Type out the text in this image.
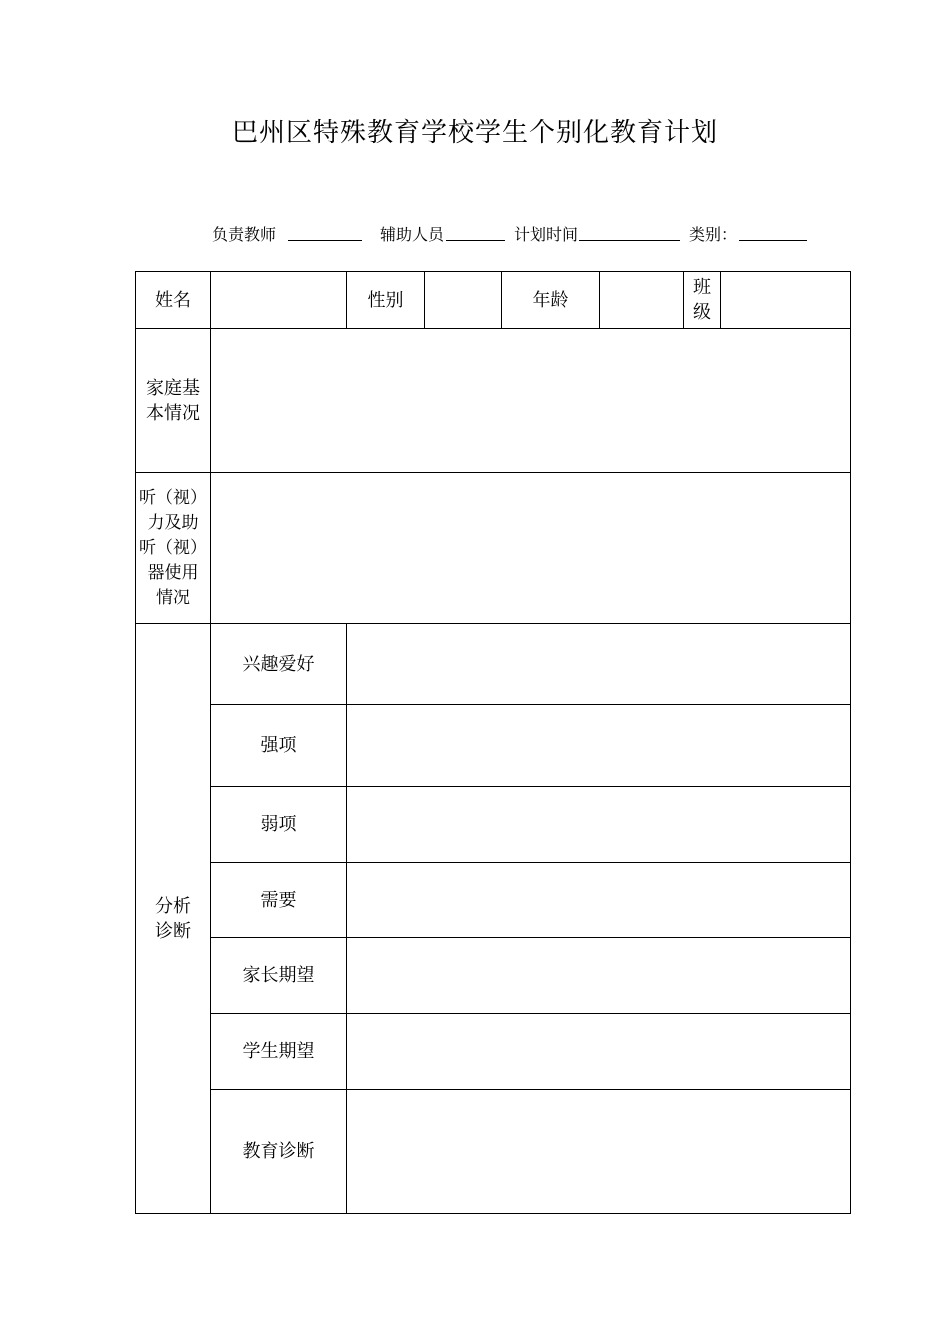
巴州区特殊教育学校学生个别化教育计划
负责教师	辅助人员	计划时间	类别：
姓名		性别		年龄		班
级	

家庭基
本情况							

听（视）
力及助
听（视）
器使用
情况							

分析
诊断	兴趣爱好						
	强项						
	弱项						
	需要						
	家长期望						
	学生期望						
	教育诊断						
